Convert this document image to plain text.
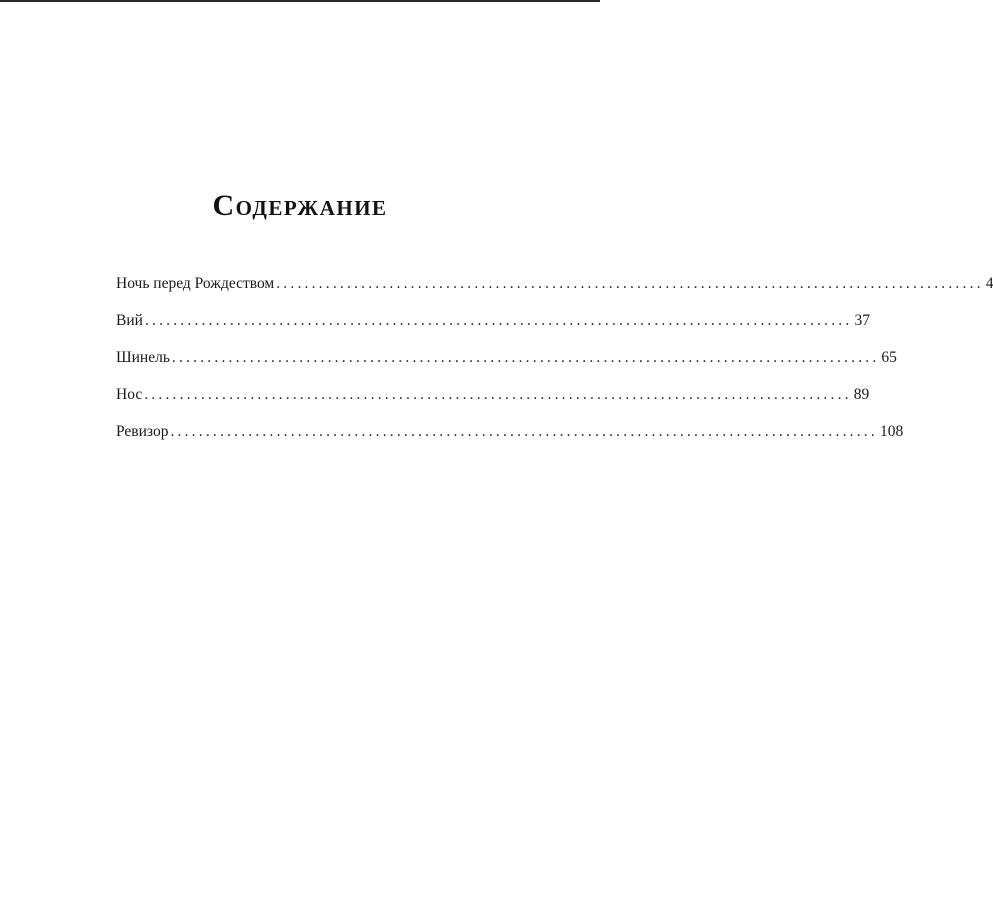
Содержание
Ночь перед Рождеством .................................................................................................... 4
Вий .................................................................................................... 37
Шинель .................................................................................................... 65
Нос .................................................................................................... 89
Ревизор .................................................................................................... 108
